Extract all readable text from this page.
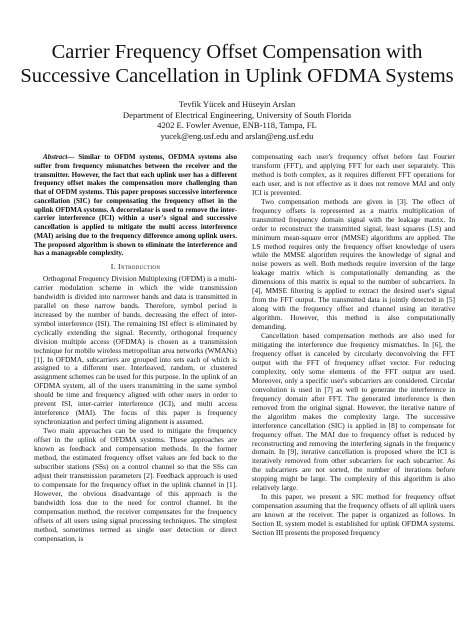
Carrier Frequency Offset Compensation with
Successive Cancellation in Uplink OFDMA Systems
Tevfik Yücek and Hüseyin Arslan
Department of Electrical Engineering, University of South Florida
4202 E. Fowler Avenue, ENB-118, Tampa, FL
yucek@eng.usf.edu and arslan@eng.usf.edu

Abstract— Similar to OFDM systems, OFDMA systems also suffer from frequency mismatches between the receiver and the transmitter. However, the fact that each uplink user has a different frequency offset makes the compensation more challenging than that of OFDM systems. This paper proposes successive interference cancellation (SIC) for compensating the frequency offset in the uplink OFDMA systems. A decorrelator is used to remove the inter-carrier interference (ICI) within a user's signal and successive cancellation is applied to mitigate the multi access interference (MAI) arising due to the frequency difference among uplink users. The proposed algorithm is shown to eliminate the interference and has a manageable complexity.

I. Introduction

Orthogonal Frequency Division Multiplexing (OFDM) is a multi-carrier modulation scheme in which the wide transmission bandwidth is divided into narrower bands and data is transmitted in parallel on these narrow bands. Therefore, symbol period is increased by the number of bands, decreasing the effect of inter-symbol interference (ISI). The remaining ISI effect is eliminated by cyclically extending the signal. Recently, orthogonal frequency division multiple access (OFDMA) is chosen as a transmission technique for mobile wireless metropolitan area networks (WMANs) [1]. In OFDMA, subcarriers are grouped into sets each of which is assigned to a different user. Interleaved, random, or clustered assignment schemes can be used for this purpose. In the uplink of an OFDMA system, all of the users transmitting in the same symbol should be time and frequency aligned with other users in order to prevent ISI, inter-carrier interference (ICI), and multi access interference (MAI). The focus of this paper is frequency synchronization and perfect timing alignment is assumed.

Two main approaches can be used to mitigate the frequency offset in the uplink of OFDMA systems. These approaches are known as feedback and compensation methods. In the former method, the estimated frequency offset values are fed back to the subscriber stations (SSs) on a control channel so that the SSs can adjust their transmission parameters [2]. Feedback approach is used to compensate for the frequency offset in the uplink channel in [1]. However, the obvious disadvantage of this approach is the bandwidth loss due to the need for control channel. In the compensation method, the receiver compensates for the frequency offsets of all users using signal processing techniques. The simplest method, sometimes termed as single user detection or direct compensation, is

compensating each user's frequency offset before fast Fourier transform (FFT), and applying FFT for each user separately. This method is both complex, as it requires different FFT operations for each user, and is not effective as it does not remove MAI and only ICI is prevented.

Two compensation methods are given in [3]. The effect of frequency offsets is represented as a matrix multiplication of transmitted frequency domain signal with the leakage matrix. In order to reconstruct the transmitted signal, least squares (LS) and minimum mean-square error (MMSE) algorithms are applied. The LS method requires only the frequency offset knowledge of users while the MMSE algorithm requires the knowledge of signal and noise powers as well. Both methods require inversion of the large leakage matrix which is computationally demanding as the dimensions of this matrix is equal to the number of subcarriers. In [4], MMSE filtering is applied to extract the desired user's signal from the FFT output. The transmitted data is jointly detected in [5] along with the frequency offset and channel using an iterative algorithm. However, this method is also computationally demanding.

Cancellation based compensation methods are also used for mitigating the interference due frequency mismatches. In [6], the frequency offset is canceled by circularly deconvolving the FFT output with the FFT of frequency offset vector. For reducing complexity, only some elements of the FFT output are used. Moreover, only a specific user's subcarriers are considered. Circular convolution is used in [7] as well to generate the interference in frequency domain after FFT. The generated interference is then removed from the original signal. However, the iterative nature of the algorithm makes the complexity large. The successive interference cancellation (SIC) is applied in [8] to compensate for frequency offset. The MAI due to frequency offset is reduced by reconstructing and removing the interfering signals in the frequency domain. In [9], iterative cancellation is proposed where the ICI is iteratively removed from other subcarriers for each subcarrier. As the subcarriers are not sorted, the number of iterations before stopping might be large. The complexity of this algorithm is also relatively large.

In this paper, we present a SIC method for frequency offset compensation assuming that the frequency offsets of all uplink users are known at the receiver. The paper is organized as follows. In Section II, system model is established for uplink OFDMA systems. Section III presents the proposed frequency
